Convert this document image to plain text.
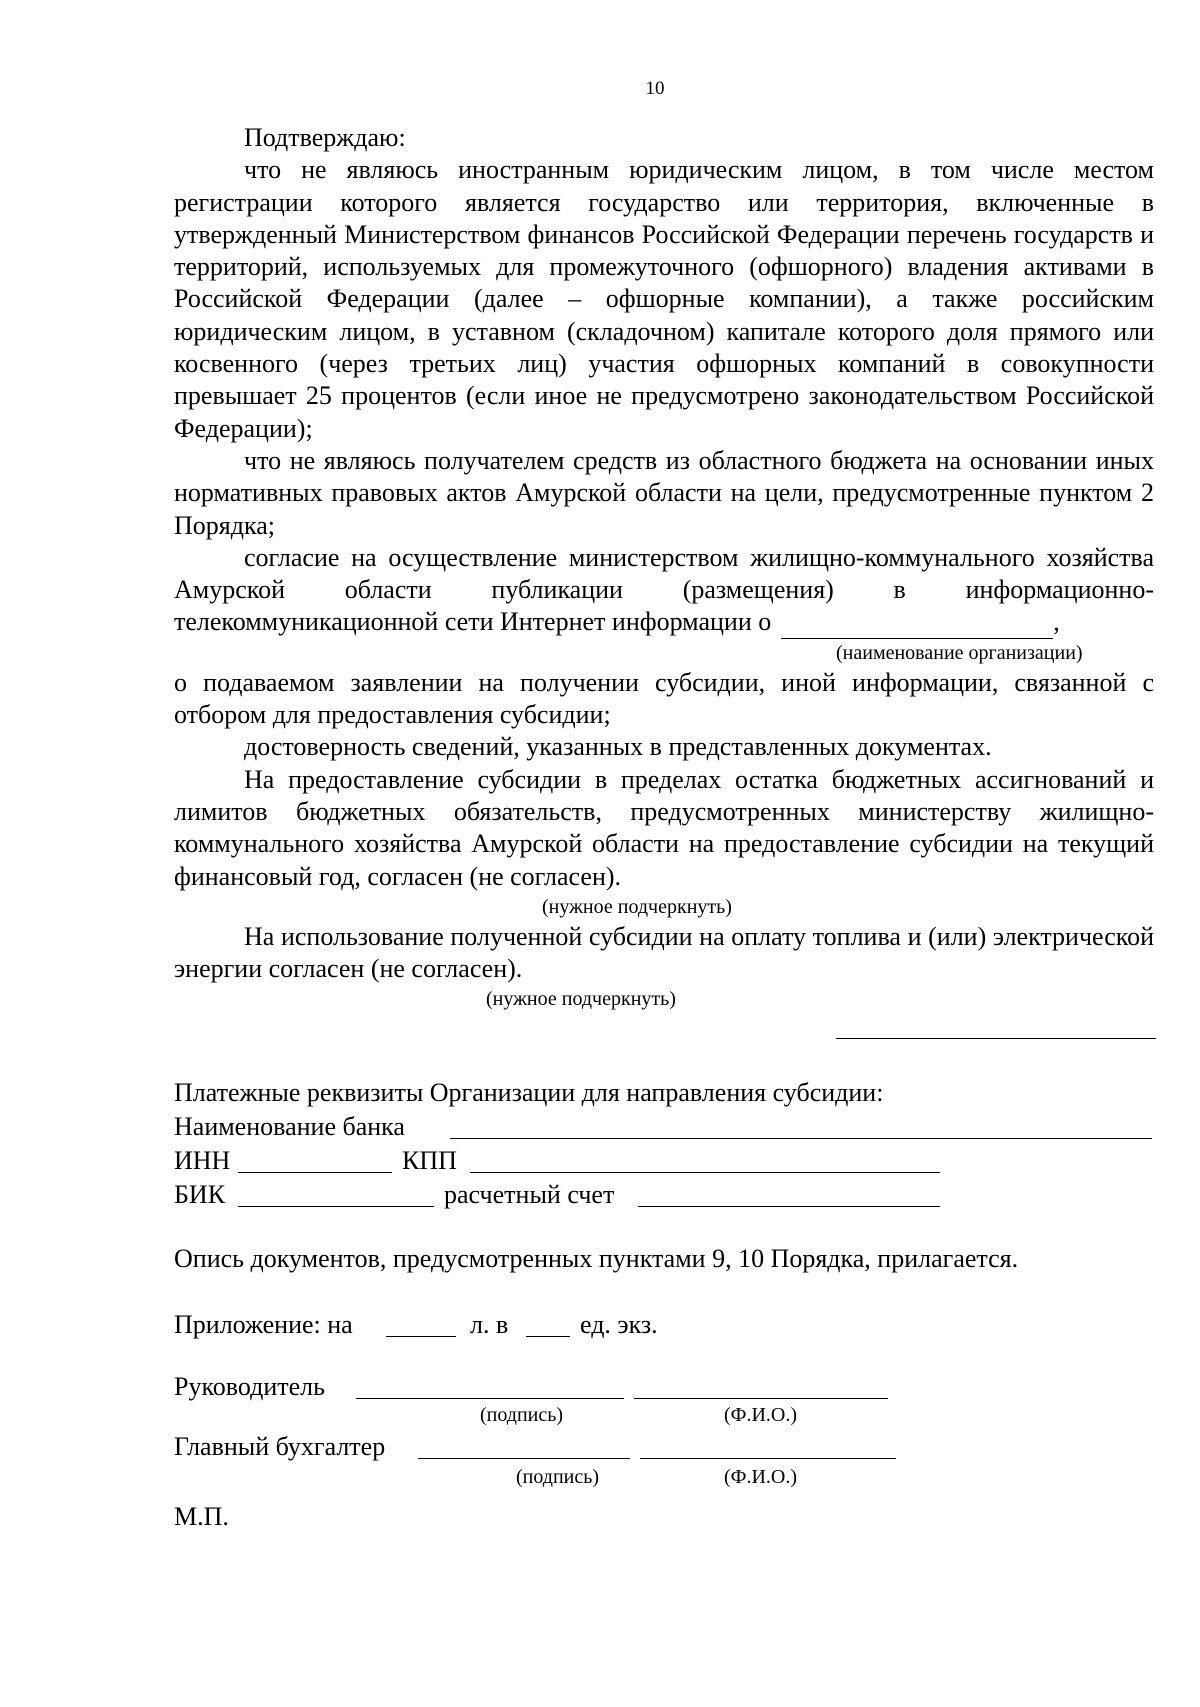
10

Подтверждаю:

что не являюсь иностранным юридическим лицом, в том числе местом регистрации которого является государство или территория, включенные в утвержденный Министерством финансов Российской Федерации перечень государств и территорий, используемых для промежуточного (офшорного) владения активами в Российской Федерации (далее – офшорные компании), а также российским юридическим лицом, в уставном (складочном) капитале которого доля прямого или косвенного (через третьих лиц) участия офшорных компаний в совокупности превышает 25 процентов (если иное не предусмотрено законодательством Российской Федерации);

что не являюсь получателем средств из областного бюджета на основании иных нормативных правовых актов Амурской области на цели, предусмотренные пунктом 2 Порядка;

согласие на осуществление министерством жилищно-коммунального хозяйства Амурской области публикации (размещения) в информационно-

телекоммуникационной сети Интернет информации о	,
(наименование организации)

о подаваемом заявлении на получении субсидии, иной информации, связанной с отбором для предоставления субсидии;

достоверность сведений, указанных в представленных документах.

На предоставление субсидии в пределах остатка бюджетных ассигнований и лимитов бюджетных обязательств, предусмотренных министерству жилищно-коммунального хозяйства Амурской области на предоставление субсидии на текущий финансовый год, согласен (не согласен).

(нужное подчеркнуть)

На использование полученной субсидии на оплату топлива и (или) электрической энергии согласен (не согласен).

(нужное подчеркнуть)
Платежные реквизиты Организации для направления субсидии:
Наименование банка
ИНН	КПП
БИК	расчетный счет
Опись документов, предусмотренных пунктами 9, 10 Порядка, прилагается.
Приложение: на	л. в	ед. экз.
Руководитель
(подпись)	(Ф.И.О.)
Главный бухгалтер
(подпись)	(Ф.И.О.)
М.П.
